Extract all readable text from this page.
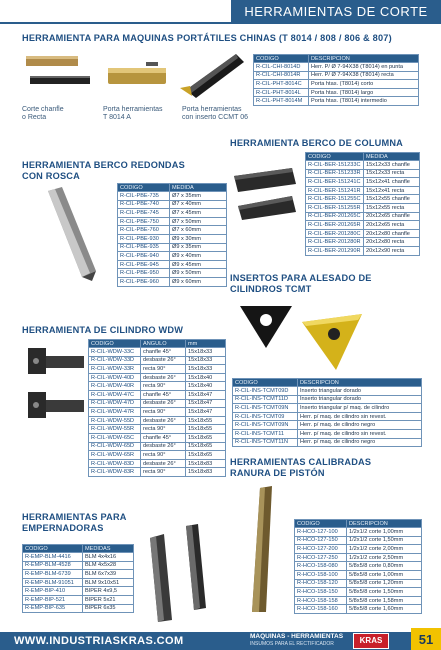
HERRAMIENTAS DE CORTE
HERRAMIENTA PARA MAQUINAS PORTÁTILES CHINAS (T 8014 / 808 / 806 & 807)
Corte chanfle
o Recta
Porta herramientas
T 8014 A
Porta herramientas
con inserto CCMT 06
CODIGO	DESCRIPCION
R-CIL-CHI-8014D	Herr. P/ Ø 7-94X38 (T8014) en punta
R-CIL-CHI-8014R	Herr. P/ Ø 7-94X38 (T8014) recta
R-CIL-PHT-8014C	Porta htas. (T8014) corto
R-CIL-PHT-8014L	Porta htas. (T8014) largo
R-CIL-PHT-8014M	Porta htas. (T8014) intermedio
HERRAMIENTA BERCO REDONDAS
CON ROSCA
CODIGO	MEDIDA
R-CIL-PBE-735	Ø7 x 35mm
R-CIL-PBE-740	Ø7 x 40mm
R-CIL-PBE-745	Ø7 x 45mm
R-CIL-PBE-750	Ø7 x 50mm
R-CIL-PBE-760	Ø7 x 60mm
R-CIL-PBE-930	Ø9 x 30mm
R-CIL-PBE-935	Ø9 x 35mm
R-CIL-PBE-940	Ø9 x 40mm
R-CIL-PBE-945	Ø9 x 45mm
R-CIL-PBE-950	Ø9 x 50mm
R-CIL-PBE-960	Ø9 x 60mm
HERRAMIENTA BERCO DE COLUMNA
CODIGO	MEDIDA
R-CIL-BER-151233C	15x12x33 chanfle
R-CIL-BER-151233R	15x12x33 recta
R-CIL-BER-151241C	15x12x41 chanfle
R-CIL-BER-151241R	15x12x41 recta
R-CIL-BER-151255C	15x12x55 chanfle
R-CIL-BER-151255R	15x12x55 recta
R-CIL-BER-201265C	20x12x65 chanfle
R-CIL-BER-201265R	20x12x65 recta
R-CIL-BER-201280C	20x12x80 chanfle
R-CIL-BER-201280R	20x12x80 recta
R-CIL-BER-201290R	20x12x90 recta
INSERTOS PARA ALESADO DE
CILINDROS TCMT
CODIGO	DESCRIPCION
R-CIL-INS-TCMT09D	Inserto triangular dorado
R-CIL-INS-TCMT11D	Inserto triangular dorado
R-CIL-INS-TCMT09N	Inserto triangular p/ maq. de cilindro
R-CIL-INS-TCMT09	Herr. p/ maq. de cilindro sin revest.
R-CIL-INS-TCMT09N	Herr. p/ maq. de cilindro negro
R-CIL-INS-TCMT11	Herr. p/ maq. de cilindro sin revest.
R-CIL-INS-TCMT11N	Herr. p/ maq. de cilindro negro
HERRAMIENTA DE CILINDRO WDW
CODIGO	ANGULO	mm
R-CIL-WDW-33C	chanfle 45°	15x18x33
R-CIL-WDW-33D	desbaste 26°	15x18x33
R-CIL-WDW-33R	recta 90°	15x18x33
R-CIL-WDW-40D	desbaste 26°	15x18x40
R-CIL-WDW-40R	recta 90°	15x18x40
R-CIL-WDW-47C	chanfle 45°	15x18x47
R-CIL-WDW-47D	desbaste 26°	15x18x47
R-CIL-WDW-47R	recta 90°	15x18x47
R-CIL-WDW-55D	desbaste 26°	15x18x55
R-CIL-WDW-55R	recta 90°	15x18x55
R-CIL-WDW-65C	chanfle 45°	15x18x65
R-CIL-WDW-65D	desbaste 26°	15x18x65
R-CIL-WDW-65R	recta 90°	15x18x65
R-CIL-WDW-83D	desbaste 26°	15x18x83
R-CIL-WDW-83R	recta 90°	15x18x83
HERRAMIENTAS CALIBRADAS
RANURA DE PISTÓN
CODIGO	DESCRIPCION
R-HCO-127-100	1/2x1/2 corte 1,00mm
R-HCO-127-150	1/2x1/2 corte 1,50mm
R-HCO-127-200	1/2x1/2 corte 2,00mm
R-HCO-127-250	1/2x1/2 corte 2,50mm
R-HCO-158-080	5/8x5/8 corte 0,80mm
R-HCO-158-100	5/8x5/8 corte 1,00mm
R-HCO-158-120	5/8x5/8 corte 1,20mm
R-HCO-158-150	5/8x5/8 corte 1,50mm
R-HCO-158-158	5/8x5/8 corte 1,58mm
R-HCO-158-160	5/8x5/8 corte 1,60mm
HERRAMIENTAS PARA
EMPERNADORAS
CODIGO	MEDIDAS
R-EMP-BLM-4416	BLM 4x4x16
R-EMP-BLM-4528	BLM 4x5x28
R-EMP-BLM-6739	BLM 6x7x39
R-EMP-BLM-91051	BLM 9x10x51
R-EMP-BIP-410	BIPER 4x9,5
R-EMP-BIP-521	BIPER 5x21
R-EMP-BIP-635	BIPER 6x35
WWW.INDUSTRIASKRAS.COM	MAQUINAS - HERRAMIENTAS
INSUMOS PARA EL RECTIFICADOR	KRAS	51
